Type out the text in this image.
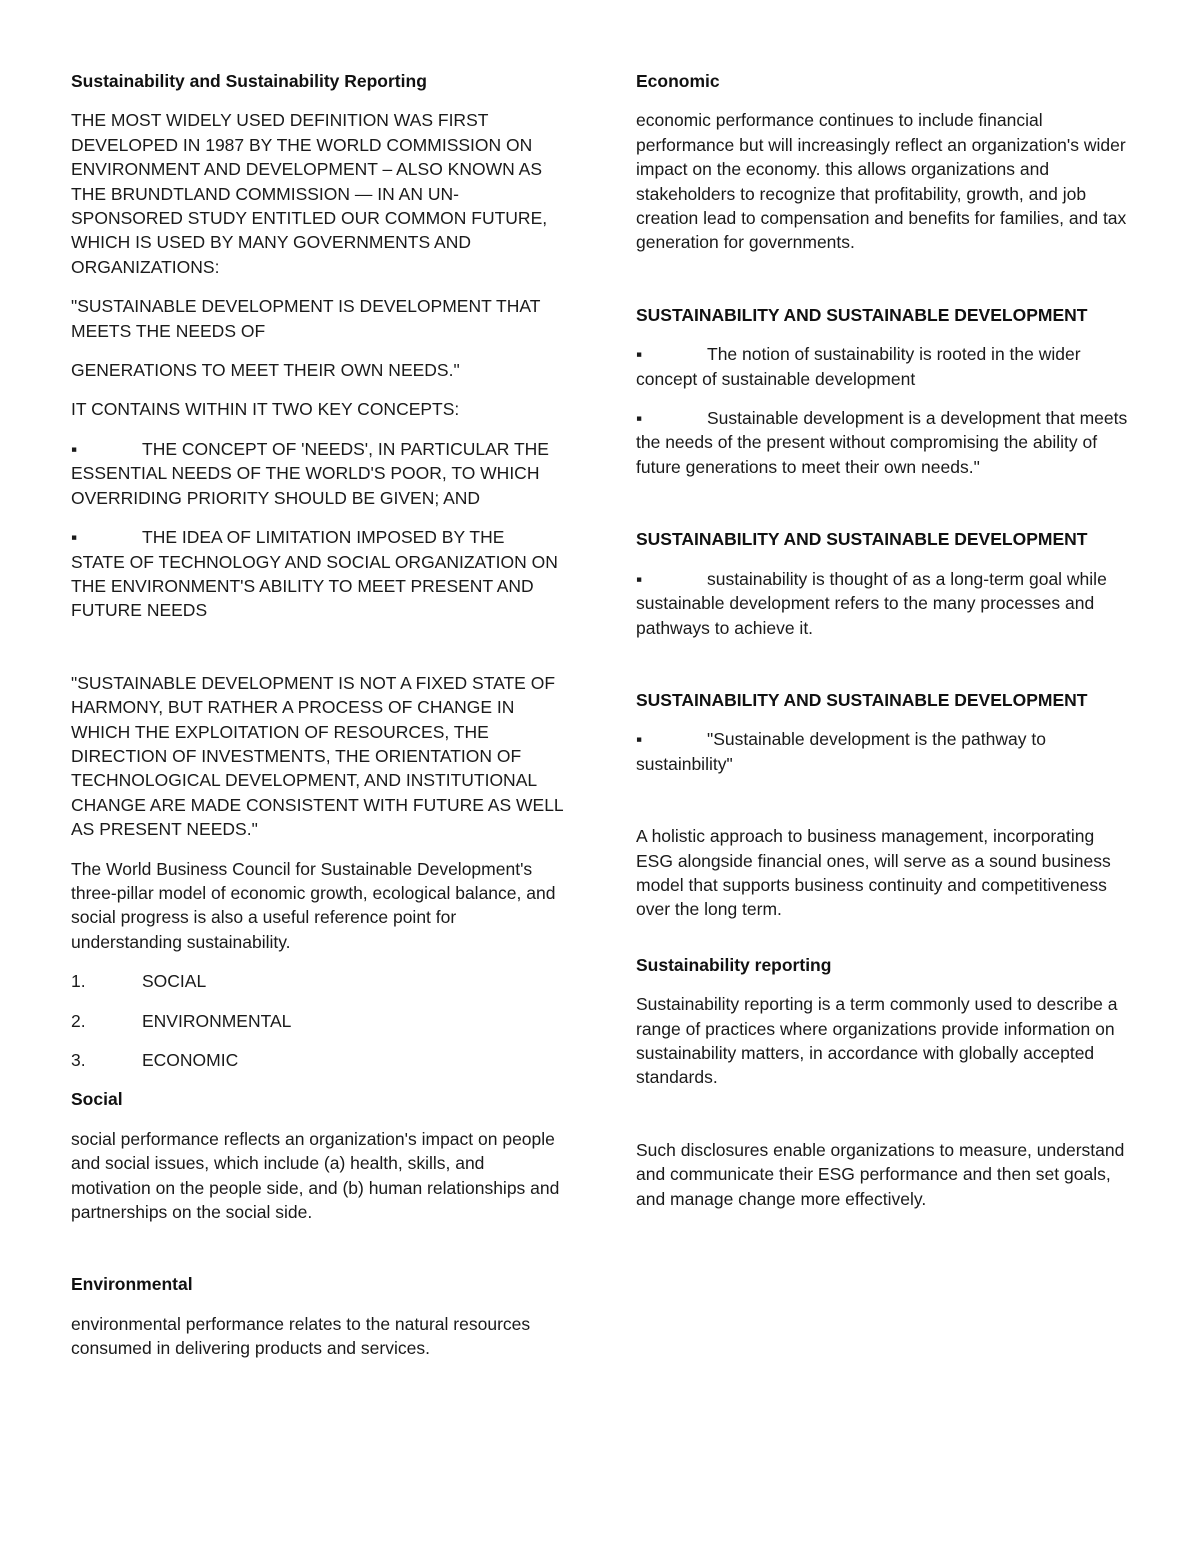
Sustainability and Sustainability Reporting

THE MOST WIDELY USED DEFINITION WAS FIRST DEVELOPED IN 1987 BY THE WORLD COMMISSION ON ENVIRONMENT AND DEVELOPMENT – ALSO KNOWN AS THE BRUNDTLAND COMMISSION — IN AN UN-SPONSORED STUDY ENTITLED OUR COMMON FUTURE, WHICH IS USED BY MANY GOVERNMENTS AND ORGANIZATIONS:

"SUSTAINABLE DEVELOPMENT IS DEVELOPMENT THAT MEETS THE NEEDS OF

GENERATIONS TO MEET THEIR OWN NEEDS."

IT CONTAINS WITHIN IT TWO KEY CONCEPTS:

▪	THE CONCEPT OF 'NEEDS', IN PARTICULAR THE ESSENTIAL NEEDS OF THE WORLD'S POOR, TO WHICH OVERRIDING PRIORITY SHOULD BE GIVEN; AND

▪	THE IDEA OF LIMITATION IMPOSED BY THE STATE OF TECHNOLOGY AND SOCIAL ORGANIZATION ON THE ENVIRONMENT'S ABILITY TO MEET PRESENT AND FUTURE NEEDS

"SUSTAINABLE DEVELOPMENT IS NOT A FIXED STATE OF HARMONY, BUT RATHER A PROCESS OF CHANGE IN WHICH THE EXPLOITATION OF RESOURCES, THE DIRECTION OF INVESTMENTS, THE ORIENTATION OF TECHNOLOGICAL DEVELOPMENT, AND INSTITUTIONAL CHANGE ARE MADE CONSISTENT WITH FUTURE AS WELL AS PRESENT NEEDS."

The World Business Council for Sustainable Development's three-pillar model of economic growth, ecological balance, and social progress is also a useful reference point for understanding sustainability.

1.	SOCIAL

2.	ENVIRONMENTAL

3.	ECONOMIC

Social

social performance reflects an organization's impact on people and social issues, which include (a) health, skills, and motivation on the people side, and (b) human relationships and partnerships on the social side.

Environmental

environmental performance relates to the natural resources consumed in delivering products and services.

Economic

economic performance continues to include financial performance but will increasingly reflect an organization's wider impact on the economy. this allows organizations and stakeholders to recognize that profitability, growth, and job creation lead to compensation and benefits for families, and tax generation for governments.

SUSTAINABILITY AND SUSTAINABLE DEVELOPMENT

▪	The notion of sustainability is rooted in the wider concept of sustainable development

▪	Sustainable development is a development that meets the needs of the present without compromising the ability of future generations to meet their own needs."

SUSTAINABILITY AND SUSTAINABLE DEVELOPMENT

▪	sustainability is thought of as a long-term goal while sustainable development refers to the many processes and pathways to achieve it.

SUSTAINABILITY AND SUSTAINABLE DEVELOPMENT

▪	"Sustainable development is the pathway to sustainbility"

A holistic approach to business management, incorporating ESG alongside financial ones, will serve as a sound business model that supports business continuity and competitiveness over the long term.

Sustainability reporting

Sustainability reporting is a term commonly used to describe a range of practices where organizations provide information on sustainability matters, in accordance with globally accepted standards.

Such disclosures enable organizations to measure, understand and communicate their ESG performance and then set goals, and manage change more effectively.
